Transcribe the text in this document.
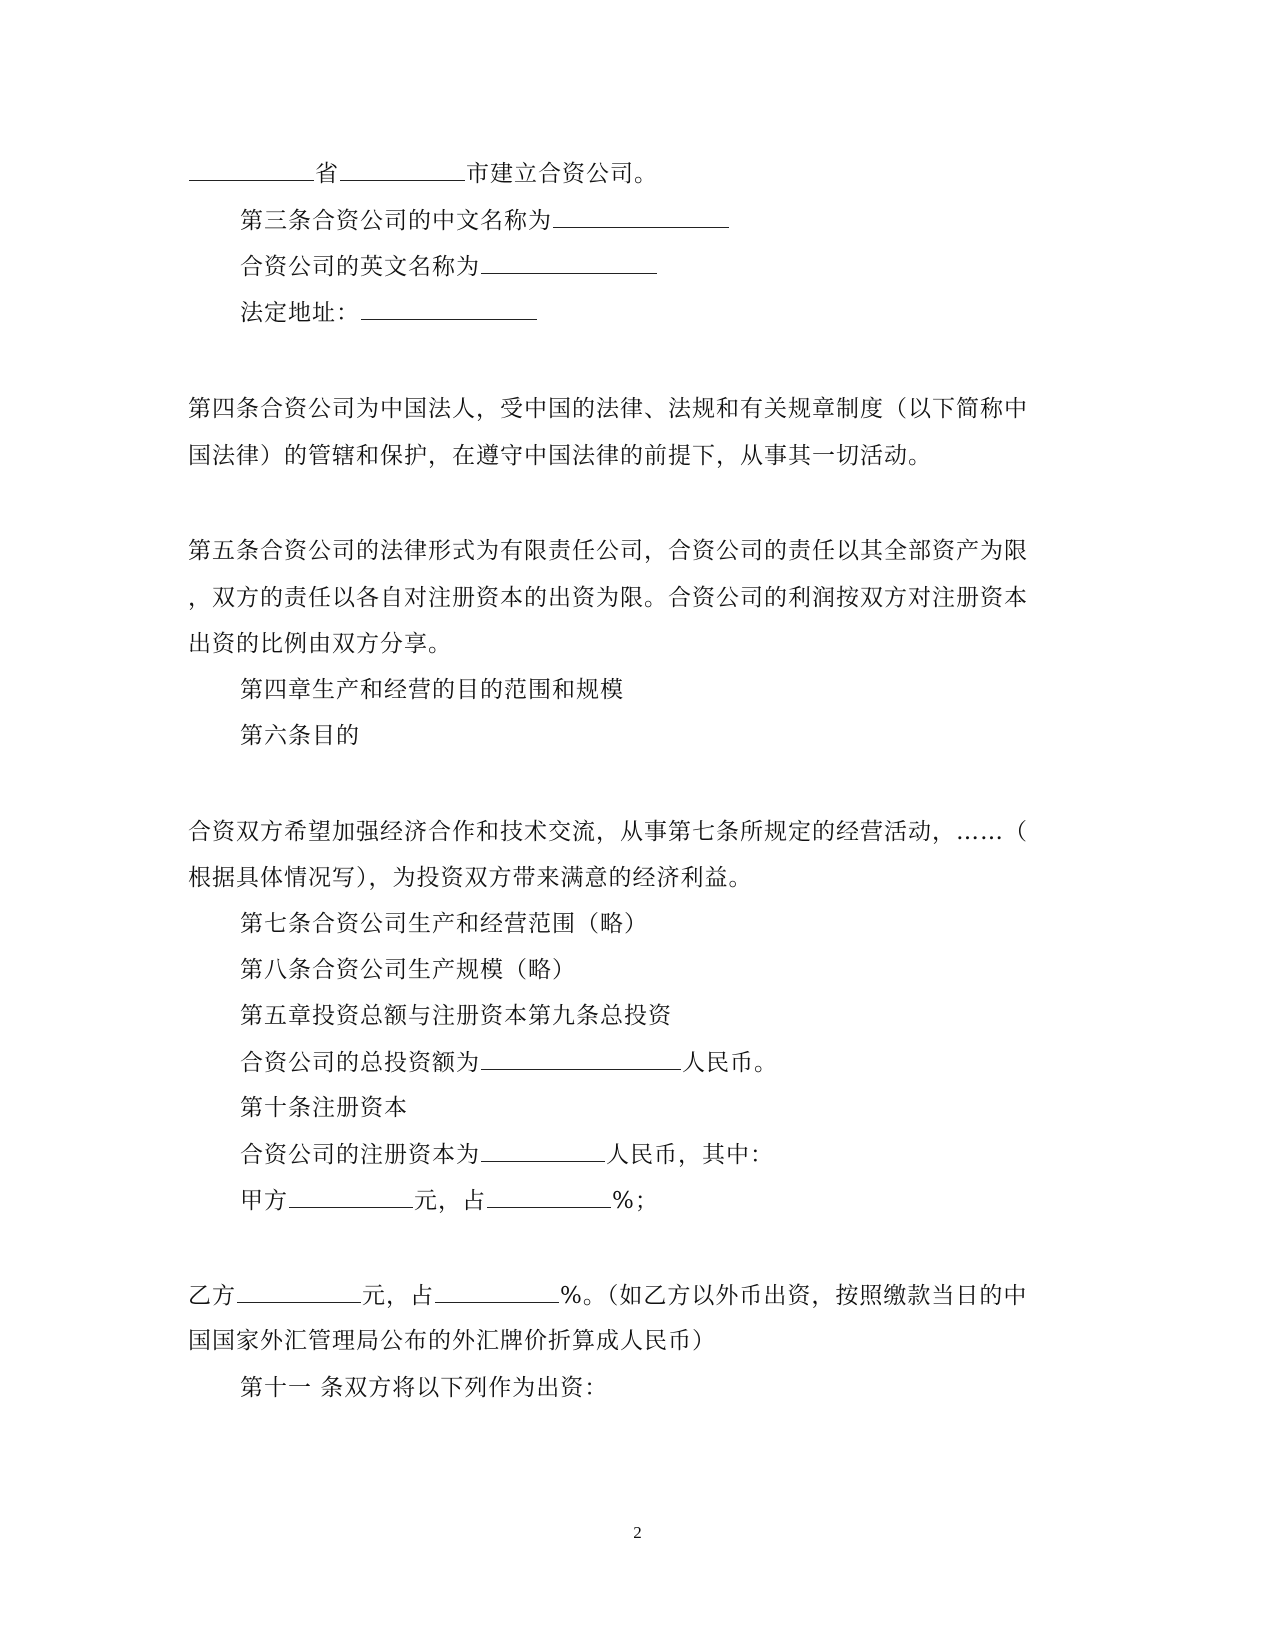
省	市建立合资公司。
第三条合资公司的中文名称为
合资公司的英文名称为
法定地址：
第四条合资公司为中国法人，受中国的法律、法规和有关规章制度（以下简称中
国法律）的管辖和保护，在遵守中国法律的前提下，从事其一切活动。
第五条合资公司的法律形式为有限责任公司，合资公司的责任以其全部资产为限
，双方的责任以各自对注册资本的出资为限。合资公司的利润按双方对注册资本
出资的比例由双方分享。
第四章生产和经营的目的范围和规模
第六条目的
合资双方希望加强经济合作和技术交流，从事第七条所规定的经营活动，……（
根据具体情况写），为投资双方带来满意的经济利益。
第七条合资公司生产和经营范围（略）
第八条合资公司生产规模（略）
第五章投资总额与注册资本第九条总投资
合资公司的总投资额为	人民币。
第十条注册资本
合资公司的注册资本为	人民币，其中：
甲方	元，占	%；
乙方	元，占	%。（如乙方以外币出资，按照缴款当日的中
国国家外汇管理局公布的外汇牌价折算成人民币）
第十一 条双方将以下列作为出资：
2
